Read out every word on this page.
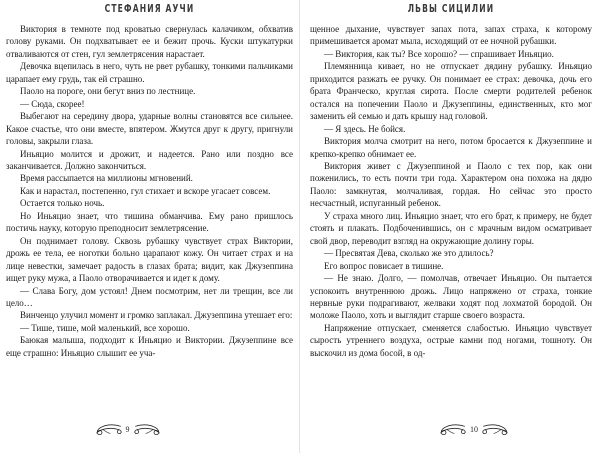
СТЕФАНИЯ АУЧИ

Виктория в темноте под кроватью свернулась калачиком, обхватив голову руками. Он подхватывает ее и бежит прочь. Куски штукатурки отваливаются от стен, гул землетрясения нарастает.

Девочка вцепилась в него, чуть не рвет рубашку, тонкими пальчиками царапает ему грудь, так ей страшно.

Паоло на пороге, они бегут вниз по лестнице.

— Сюда, скорее!

Выбегают на середину двора, ударные волны становятся все сильнее. Какое счастье, что они вместе, впятером. Жмутся друг к другу, пригнули головы, закрыли глаза.

Иньяцио молится и дрожит, и надеется. Рано или поздно все заканчивается. Должно закончиться.

Время рассыпается на миллионы мгновений.

Как и нарастал, постепенно, гул стихает и вскоре угасает совсем.

Остается только ночь.

Но Иньяцио знает, что тишина обманчива. Ему рано пришлось постичь науку, которую преподносит землетрясение.

Он поднимает голову. Сквозь рубашку чувствует страх Виктории, дрожь ее тела, ее ноготки больно царапают кожу. Он читает страх и на лице невестки, замечает радость в глазах брата; видит, как Джузеппина ищет руку мужа, а Паоло отворачивается и идет к дому.

— Слава Богу, дом устоял! Днем посмотрим, нет ли трещин, все ли цело…

Винченцо улучил момент и громко заплакал. Джузеппина утешает его:

— Тише, тише, мой маленький, все хорошо.

Баюкая малыша, подходит к Иньяцио и Виктории. Джузеппине все еще страшно: Иньяцио слышит ее уча-

9
ЛЬВЫ СИЦИЛИИ

щенное дыхание, чувствует запах пота, запах страха, к которому примешивается аромат мыла, исходящий от ее ночной рубашки.

— Виктория, как ты? Все хорошо? — спрашивает Иньяцио.

Племянница кивает, но не отпускает дядину рубашку. Иньяцио приходится разжать ее ручку. Он понимает ее страх: девочка, дочь его брата Франческо, круглая сирота. После смерти родителей ребенок остался на попечении Паоло и Джузеппины, единственных, кто мог заменить ей семью и дать крышу над головой.

— Я здесь. Не бойся.

Виктория молча смотрит на него, потом бросается к Джузеппине и крепко-крепко обнимает ее.

Виктория живет с Джузеппиной и Паоло с тех пор, как они поженились, то есть почти три года. Характером она похожа на дядю Паоло: замкнутая, молчаливая, гордая. Но сейчас это просто несчастный, испуганный ребенок.

У страха много лиц. Иньяцио знает, что его брат, к примеру, не будет стоять и плакать. Подбоченившись, он с мрачным видом осматривает свой двор, переводит взгляд на окружающие долину горы.

— Пресвятая Дева, сколько же это длилось?

Его вопрос повисает в тишине.

— Не знаю. Долго, — помолчав, отвечает Иньяцио. Он пытается успокоить внутреннюю дрожь. Лицо напряжено от страха, тонкие нервные руки подрагивают, желваки ходят под лохматой бородой. Он моложе Паоло, хоть и выглядит старше своего возраста.

Напряжение отпускает, сменяется слабостью. Иньяцио чувствует сырость утреннего воздуха, острые камни под ногами, тошноту. Он выскочил из дома босой, в од-

10
